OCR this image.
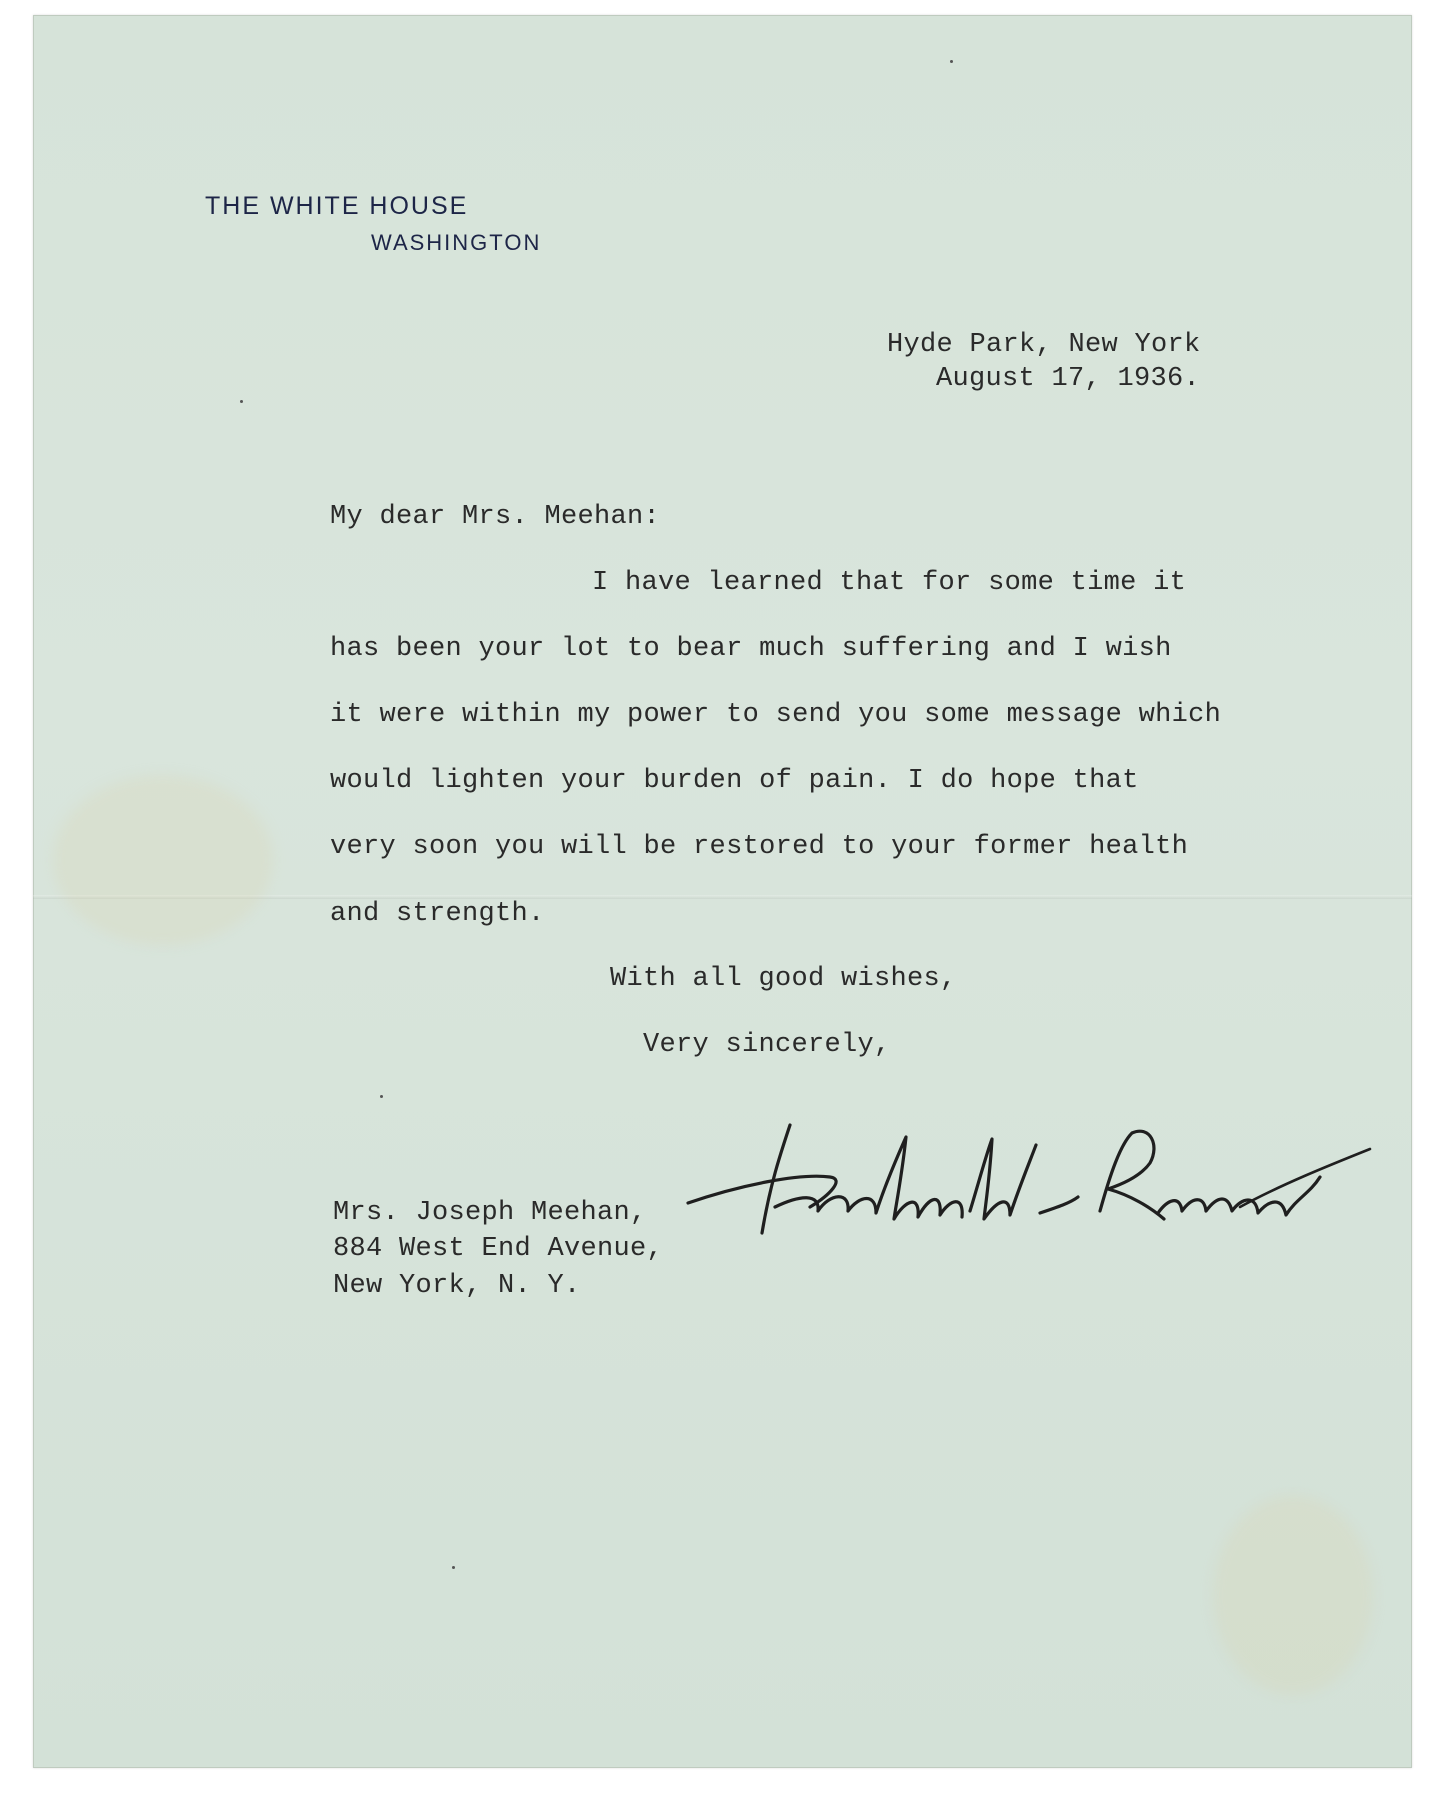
THE WHITE HOUSE
WASHINGTON
Hyde Park, New York
August 17, 1936.
My dear Mrs. Meehan:
I have learned that for some time it
has been your lot to bear much suffering and I wish
it were within my power to send you some message which
would lighten your burden of pain. I do hope that
very soon you will be restored to your former health
and strength.
With all good wishes,
Very sincerely,
Mrs. Joseph Meehan,
884 West End Avenue,
New York, N. Y.
